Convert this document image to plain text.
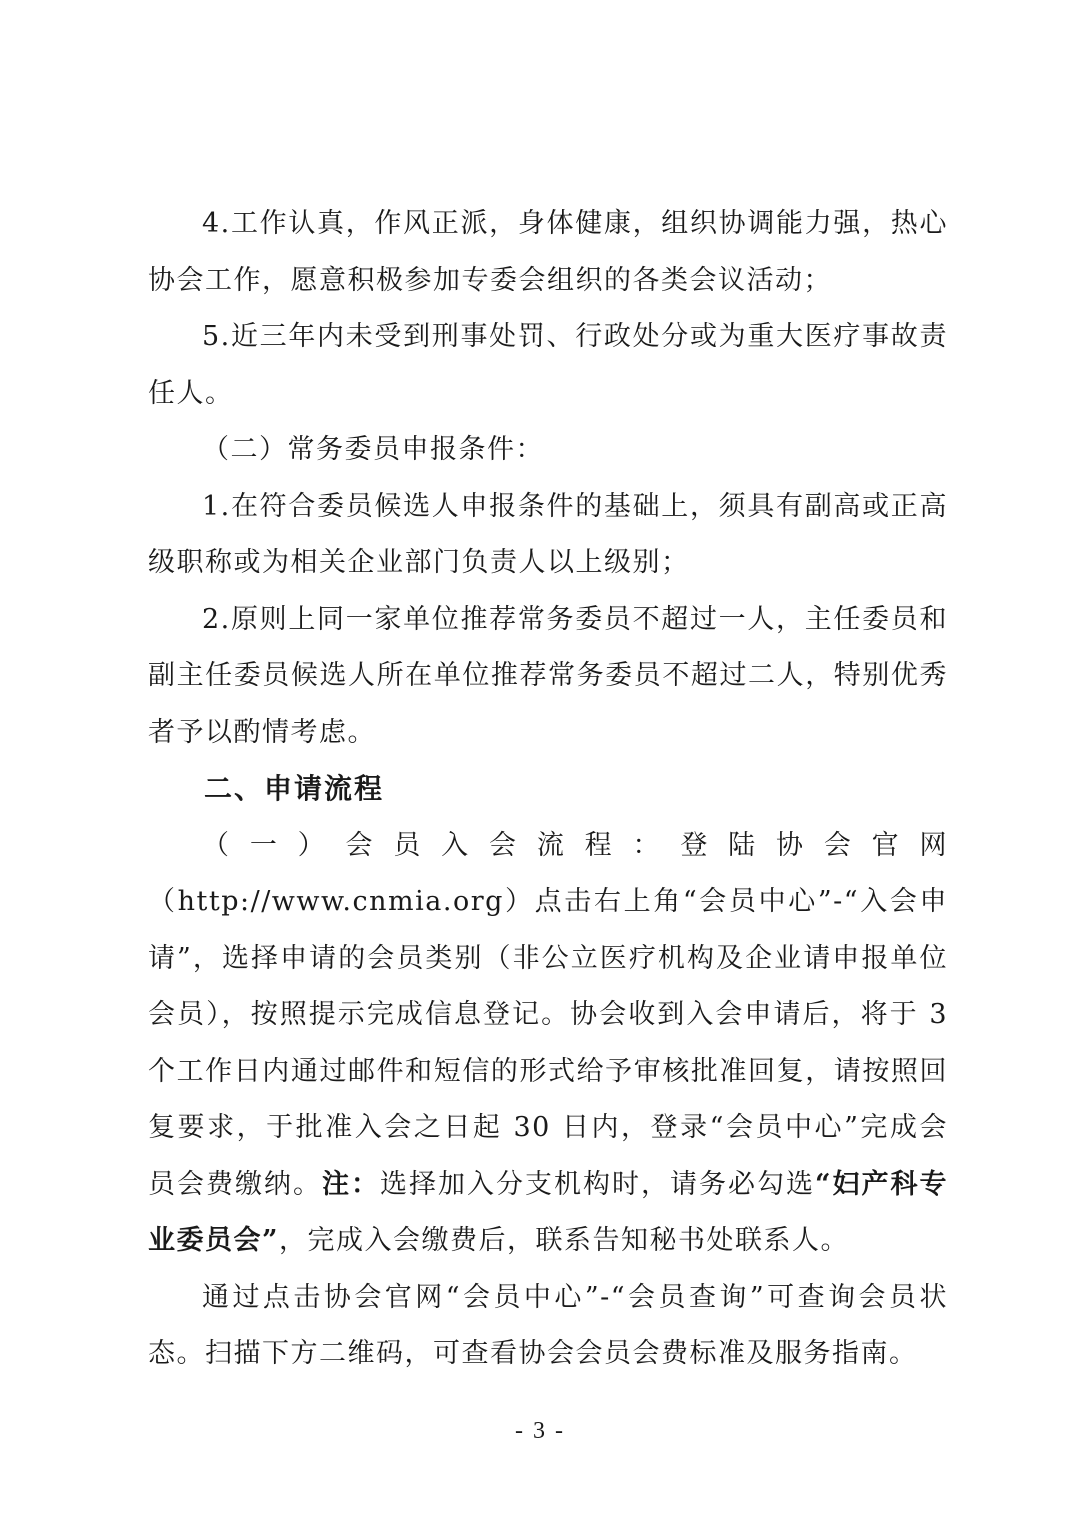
4.工作认真，作风正派，身体健康，组织协调能力强，热心协会工作，愿意积极参加专委会组织的各类会议活动；

5.近三年内未受到刑事处罚、行政处分或为重大医疗事故责任人。

（二）常务委员申报条件：

1.在符合委员候选人申报条件的基础上，须具有副高或正高级职称或为相关企业部门负责人以上级别；

2.原则上同一家单位推荐常务委员不超过一人，主任委员和副主任委员候选人所在单位推荐常务委员不超过二人，特别优秀者予以酌情考虑。

二、申请流程

（一）会员入会流程：登陆协会官网（http://www.cnmia.org）点击右上角“会员中心”-“入会申请”，选择申请的会员类别（非公立医疗机构及企业请申报单位会员），按照提示完成信息登记。协会收到入会申请后，将于 3 个工作日内通过邮件和短信的形式给予审核批准回复，请按照回复要求，于批准入会之日起 30 日内，登录“会员中心”完成会员会费缴纳。注：选择加入分支机构时，请务必勾选“妇产科专业委员会”，完成入会缴费后，联系告知秘书处联系人。

通过点击协会官网“会员中心”-“会员查询”可查询会员状态。扫描下方二维码，可查看协会会员会费标准及服务指南。

- 3 -
